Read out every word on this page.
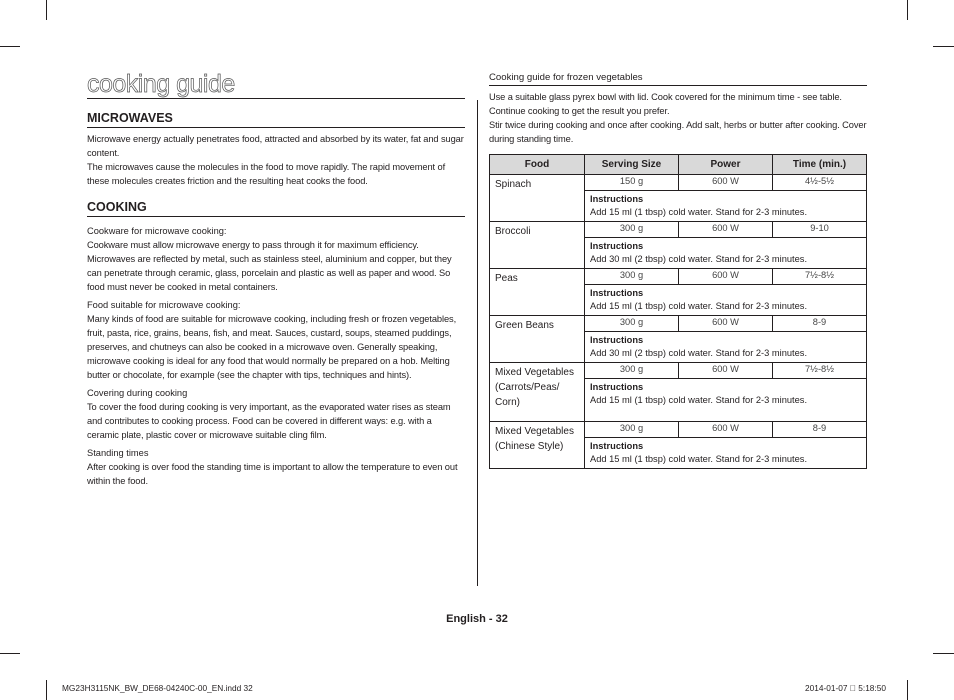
cooking guide
MICROWAVES

Microwave energy actually penetrates food, attracted and absorbed by its water, fat and sugar content.

The microwaves cause the molecules in the food to move rapidly. The rapid movement of these molecules creates friction and the resulting heat cooks the food.

COOKING
Cookware for microwave cooking:
Cookware must allow microwave energy to pass through it for maximum efficiency. Microwaves are reflected by metal, such as stainless steel, aluminium and copper, but they can penetrate through ceramic, glass, porcelain and plastic as well as paper and wood. So food must never be cooked in metal containers.
Food suitable for microwave cooking:
Many kinds of food are suitable for microwave cooking, including fresh or frozen vegetables, fruit, pasta, rice, grains, beans, fish, and meat. Sauces, custard, soups, steamed puddings, preserves, and chutneys can also be cooked in a microwave oven. Generally speaking, microwave cooking is ideal for any food that would normally be prepared on a hob. Melting butter or chocolate, for example (see the chapter with tips, techniques and hints).
Covering during cooking
To cover the food during cooking is very important, as the evaporated water rises as steam and contributes to cooking process. Food can be covered in different ways: e.g. with a ceramic plate, plastic cover or microwave suitable cling film.
Standing times
After cooking is over food the standing time is important to allow the temperature to even out within the food.
Cooking guide for frozen vegetables

Use a suitable glass pyrex bowl with lid. Cook covered for the minimum time - see table. Continue cooking to get the result you prefer.

Stir twice during cooking and once after cooking. Add salt, herbs or butter after cooking. Cover during standing time.

Food	Serving Size	Power	Time (min.)
Spinach	150 g	600 W	4½-5½

	Instructions
Add 15 ml (1 tbsp) cold water. Stand for 2-3 minutes.		

Broccoli	300 g	600 W	9-10

	Instructions
Add 30 ml (2 tbsp) cold water. Stand for 2-3 minutes.		

Peas	300 g	600 W	7½-8½

	Instructions
Add 15 ml (1 tbsp) cold water. Stand for 2-3 minutes.		

Green Beans	300 g	600 W	8-9

	Instructions
Add 30 ml (2 tbsp) cold water. Stand for 2-3 minutes.		

Mixed Vegetables (Carrots/Peas/ Corn)	300 g	600 W	7½-8½

	Instructions
Add 15 ml (1 tbsp) cold water. Stand for 2-3 minutes.		

Mixed Vegetables (Chinese Style)	300 g	600 W	8-9

	Instructions
Add 15 ml (1 tbsp) cold water. Stand for 2-3 minutes.		
English - 32
MG23H3115NK_BW_DE68-04240C-00_EN.indd 32	2014-01-07   5:18:50
